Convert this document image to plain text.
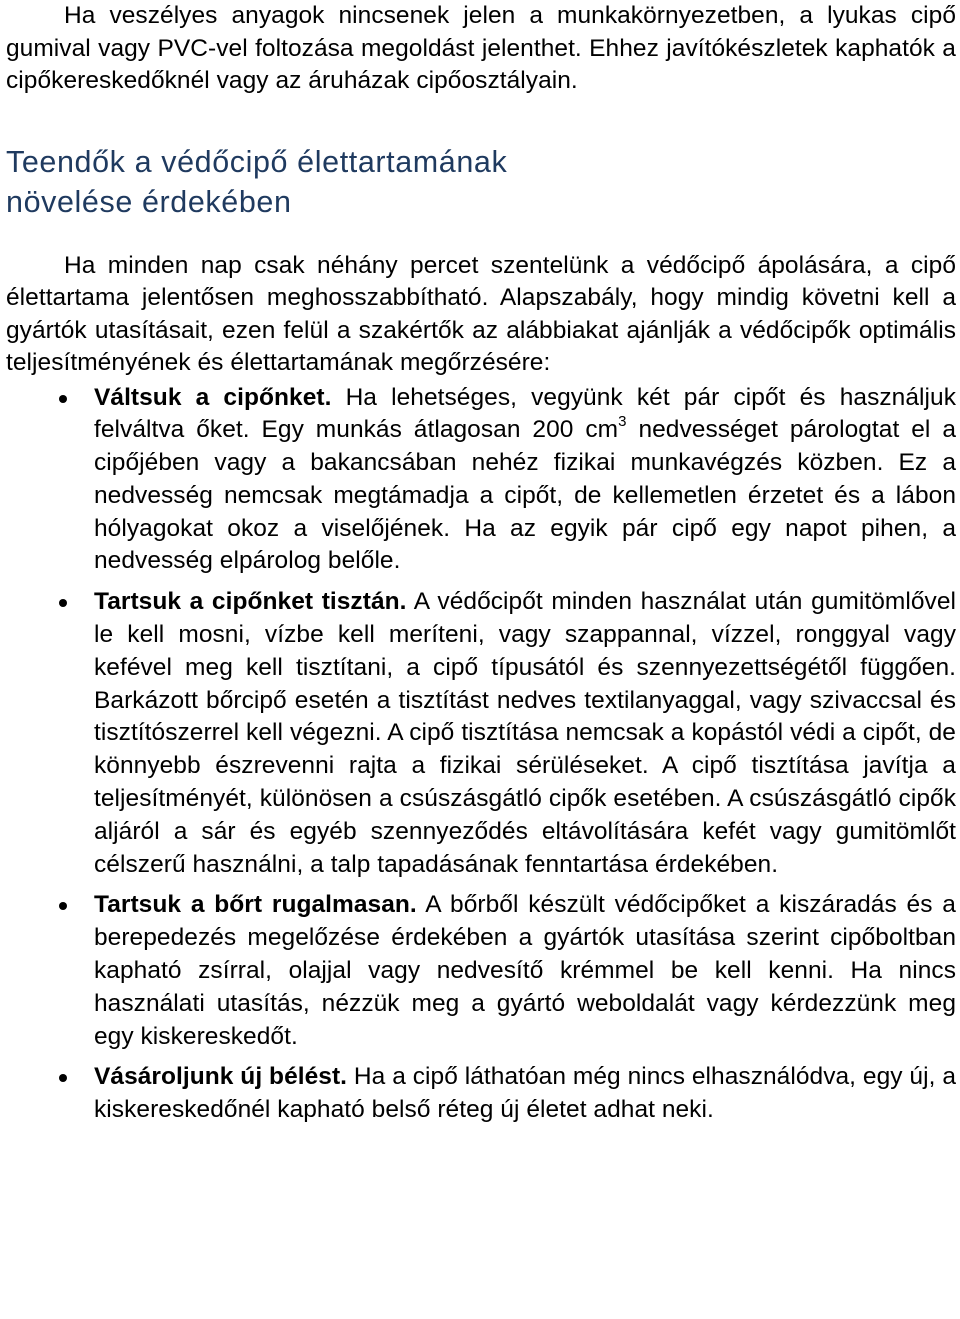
Ha veszélyes anyagok nincsenek jelen a munkakörnyezetben, a lyukas cipő gumival vagy PVC-vel foltozása megoldást jelenthet. Ehhez javítókészletek kaphatók a cipőkereskedőknél vagy az áruházak cipőosztályain.

Teendők a védőcipő élettartamának
növelése érdekében

Ha minden nap csak néhány percet szentelünk a védőcipő ápolására, a cipő élettartama jelentősen meghosszabbítható. Alapszabály, hogy mindig követni kell a gyártók utasításait, ezen felül a szakértők az alábbiakat ajánlják a védőcipők optimális teljesítményének és élettartamának megőrzésére:

Váltsuk a cipőnket. Ha lehetséges, vegyünk két pár cipőt és használjuk felváltva őket. Egy munkás átlagosan 200 $cm^3$ nedvességet párologtat el a cipőjében vagy a bakancsában nehéz fizikai munkavégzés közben. Ez a nedvesség nemcsak megtámadja a cipőt, de kellemetlen érzetet és a lábon hólyagokat okoz a viselőjének. Ha az egyik pár cipő egy napot pihen, a nedvesség elpárolog belőle.
Tartsuk a cipőnket tisztán. A védőcipőt minden használat után gumitömlővel le kell mosni, vízbe kell meríteni, vagy szappannal, vízzel, ronggyal vagy kefével meg kell tisztítani, a cipő típusától és szennyezettségétől függően. Barkázott bőrcipő esetén a tisztítást nedves textilanyaggal, vagy szivaccsal és tisztítószerrel kell végezni. A cipő tisztítása nemcsak a kopástól védi a cipőt, de könnyebb észrevenni rajta a fizikai sérüléseket. A cipő tisztítása javítja a teljesítményét, különösen a csúszásgátló cipők esetében. A csúszásgátló cipők aljáról a sár és egyéb szennyeződés eltávolítására kefét vagy gumitömlőt célszerű használni, a talp tapadásának fenntartása érdekében.
Tartsuk a bőrt rugalmasan. A bőrből készült védőcipőket a kiszáradás és a berepedezés megelőzése érdekében a gyártók utasítása szerint cipőboltban kapható zsírral, olajjal vagy nedvesítő krémmel be kell kenni. Ha nincs használati utasítás, nézzük meg a gyártó weboldalát vagy kérdezzünk meg egy kiskereskedőt.
Vásároljunk új bélést. Ha a cipő láthatóan még nincs elhasználódva, egy új, a kiskereskedőnél kapható belső réteg új életet adhat neki.
